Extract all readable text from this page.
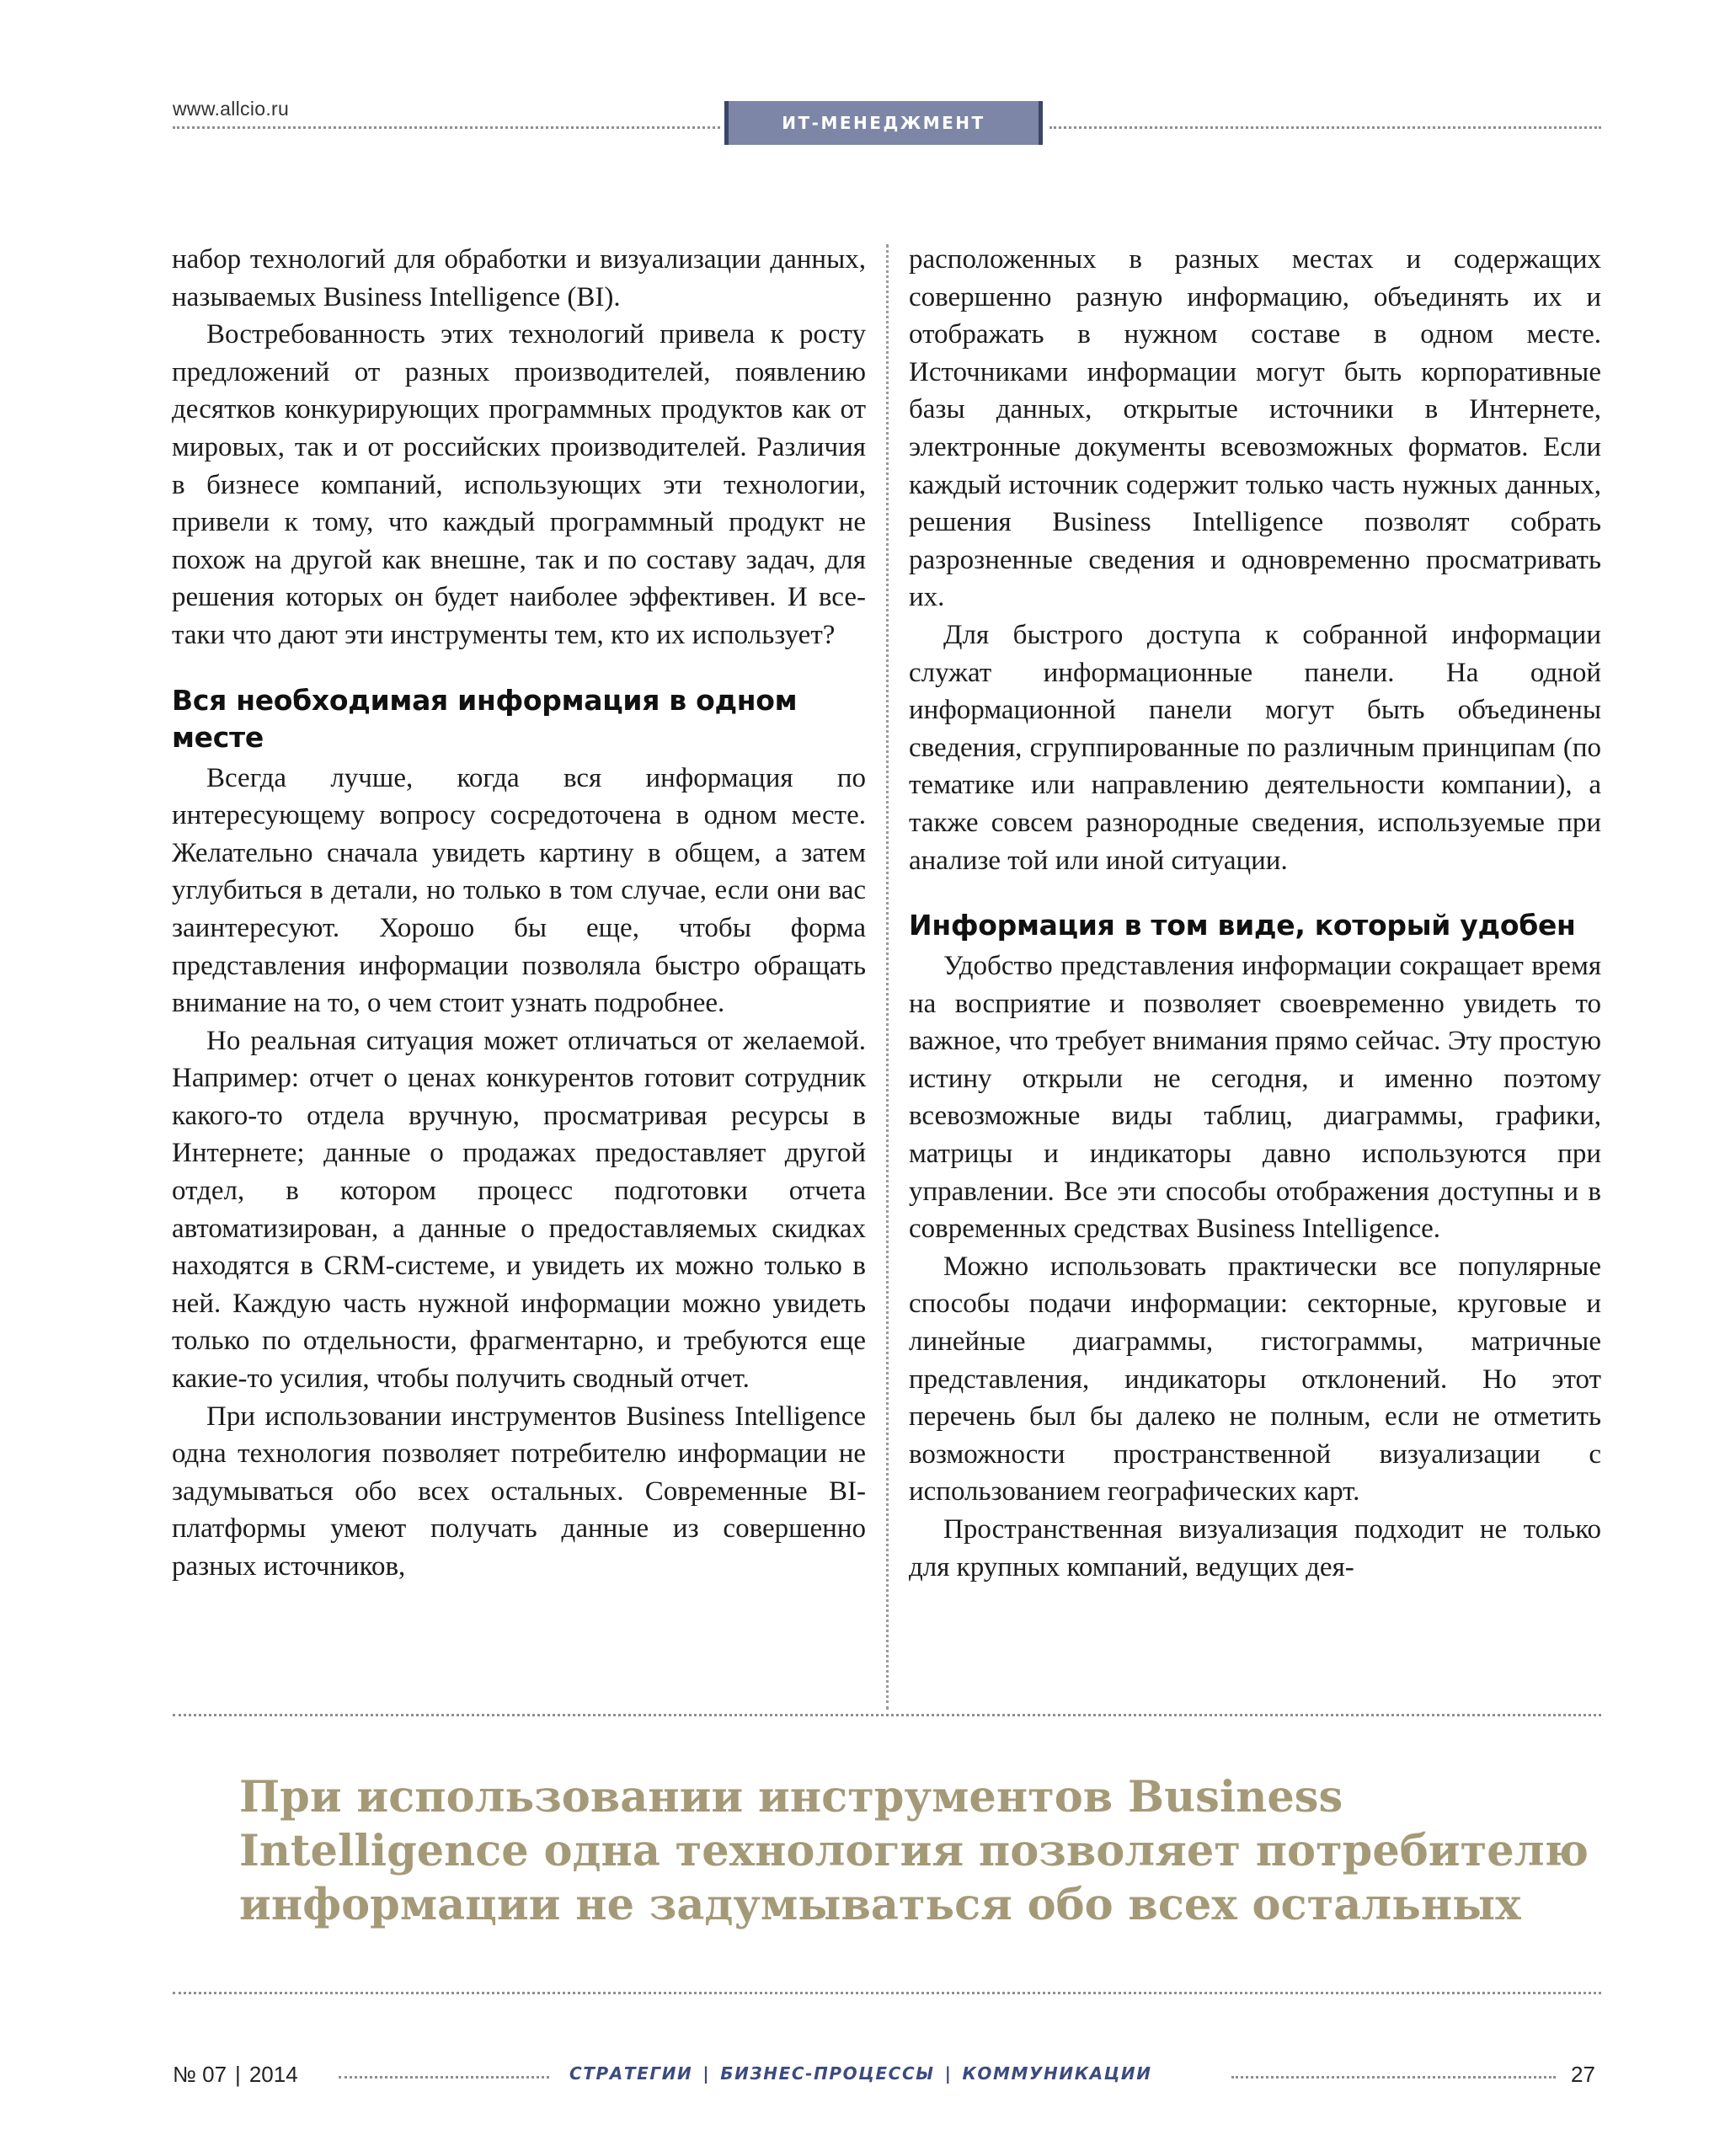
www.allcio.ru
ИТ-МЕНЕДЖМЕНТ

набор технологий для обработки и визуализации данных, называемых Business Intelligence (BI).

Востребованность этих технологий привела к росту предложений от разных производителей, появлению десятков конкурирующих программных продуктов как от мировых, так и от российских производителей. Различия в бизнесе компаний, использующих эти технологии, привели к тому, что каждый программный продукт не похож на другой как внешне, так и по составу задач, для решения которых он будет наиболее эффективен. И все-таки что дают эти инструменты тем, кто их использует?

Вся необходимая информация в одном месте

Всегда лучше, когда вся информация по интересующему вопросу сосредоточена в одном месте. Желательно сначала увидеть картину в общем, а затем углубиться в детали, но только в том случае, если они вас заинтересуют. Хорошо бы еще, чтобы форма представления информации позволяла быстро обращать внимание на то, о чем стоит узнать подробнее.

Но реальная ситуация может отличаться от желаемой. Например: отчет о ценах конкурентов готовит сотрудник какого-то отдела вручную, просматривая ресурсы в Интернете; данные о продажах предоставляет другой отдел, в котором процесс подготовки отчета автоматизирован, а данные о предоставляемых скидках находятся в CRM-системе, и увидеть их можно только в ней. Каждую часть нужной информации можно увидеть только по отдельности, фрагментарно, и требуются еще какие-то усилия, чтобы получить сводный отчет.

При использовании инструментов Business Intelligence одна технология позволяет потребителю информации не задумываться обо всех остальных. Современные BI-платформы умеют получать данные из совершенно разных источников,

расположенных в разных местах и содержащих совершенно разную информацию, объединять их и отображать в нужном составе в одном месте. Источниками информации могут быть корпоративные базы данных, открытые источники в Интернете, электронные документы всевозможных форматов. Если каждый источник содержит только часть нужных данных, решения Business Intelligence позволят собрать разрозненные сведения и одновременно просматривать их.

Для быстрого доступа к собранной информации служат информационные панели. На одной информационной панели могут быть объединены сведения, сгруппированные по различным принципам (по тематике или направлению деятельности компании), а также совсем разнородные сведения, используемые при анализе той или иной ситуации.

Информация в том виде, который удобен

Удобство представления информации сокращает время на восприятие и позволяет своевременно увидеть то важное, что требует внимания прямо сейчас. Эту простую истину открыли не сегодня, и именно поэтому всевозможные виды таблиц, диаграммы, графики, матрицы и индикаторы давно используются при управлении. Все эти способы отображения доступны и в современных средствах Business Intelligence.

Можно использовать практически все популярные способы подачи информации: секторные, круговые и линейные диаграммы, гистограммы, матричные представления, индикаторы отклонений. Но этот перечень был бы далеко не полным, если не отметить возможности пространственной визуализации с использованием географических карт.

Пространственная визуализация подходит не только для крупных компаний, ведущих дея-

При использовании инструментов Business Intelligence одна технология позволяет потребителю информации не задумываться обо всех остальных
№ 07 | 2014	СТРАТЕГИИ | БИЗНЕС-ПРОЦЕССЫ | КОММУНИКАЦИИ	27
